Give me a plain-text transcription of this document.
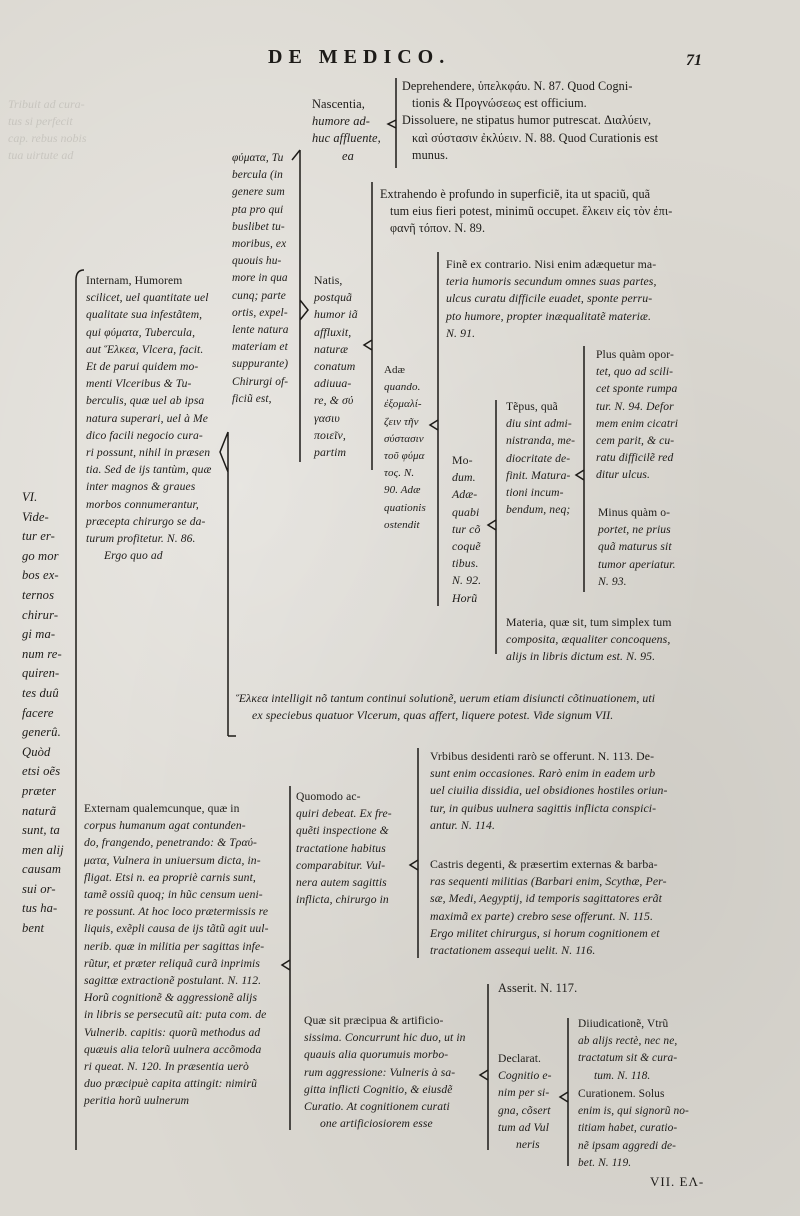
Tribuit ad cura-
tus si perfecit
cap. rebus nobis
tua uirtute ad
DE MEDICO.	71

VI.

Vide-

tur er-

go mor

bos ex-

ternos

chirur-

gi ma-

num re-

quiren-

tes duû

facere

generû.

Quòd

etsi oẽs

præter

naturã

sunt, ta

men alij

causam

sui or-

tus ha-

bent

Internam, Humorem

scilicet, uel quantitate uel

qualitate sua infestãtem,

qui φύματα, Tubercula,

aut Ἕλκεα, Vlcera, facit.

Et de parui quidem mo-

menti Vlceribus & Tu-

berculis, quæ uel ab ipsa

natura superari, uel à Me

dico facili negocio cura-

ri possunt, nihil in præsen

tia. Sed de ijs tantùm, quæ

inter magnos & graues

morbos connumerantur,

præcepta chirurgo se da-

turum profitetur. N. 86.

Ergo quo ad

φύματα, Tu

bercula (in

genere sum

pta pro qui

buslibet tu-

moribus, ex

quouis hu-

more in qua

cunq; parte

ortis, expel-

lente natura

materiam et

suppurante)

Chirurgi of-

ficiũ est,

Nascentia,

humore ad-

huc affluente,

ea

Deprehendere, ὑπελκφάυ. N. 87. Quod Cogni-

tionis & Προγνώσεως est officium.

Dissoluere, ne stipatus humor putrescat. Διαλύειν,

καὶ σύστασιν ἐκλύειν. N. 88. Quod Curationis est

munus.

Extrahendo è profundo in superficiẽ, ita ut spaciũ, quã

tum eius fieri potest, minimũ occupet. ἕλκειν εἰς τὸν ἐπι-

φανῆ τόπον. N. 89.

Natis,

postquã

humor iã

affluxit,

naturæ

conatum

adiuua-

re, & σύ

γασιυ

ποιεῖν,

partim

Adæ

quando.

ἐξομαλί-

ζειν τῆν

σύστασιν

τοῦ φύμα

τος. N.

90. Adæ

quationis

ostendit

Finẽ ex contrario. Nisi enim adæquetur ma-

teria humoris secundum omnes suas partes,

ulcus curatu difficile euadet, sponte perru-

pto humore, propter inæqualitatẽ materiæ.

N. 91.

Mo-

dum.

Adæ-

quabi

tur cõ

coquẽ

tibus.

N. 92.

Horũ

Tẽpus, quã

diu sint admi-

nistranda, me-

diocritate de-

finit. Matura-

tioni incum-

bendum, neq;

Plus quàm opor-

tet, quo ad scili-

cet sponte rumpa

tur. N. 94. Defor

mem enim cicatri

cem parit, & cu-

ratu difficilẽ red

ditur ulcus.

Minus quàm o-

portet, ne prius

quã maturus sit

tumor aperiatur.

N. 93.

Materia, quæ sit, tum simplex tum

composita, æqualiter concoquens,

alijs in libris dictum est. N. 95.

Ἕλκεα intelligit nõ tantum continui solutionẽ, uerum etiam disiuncti cõtinuationem, uti

ex speciebus quatuor Vlcerum, quas affert, liquere potest. Vide signum VII.

Externam qualemcunque, quæ in

corpus humanum agat contunden-

do, frangendo, penetrando: & Τραύ-

ματα, Vulnera in uniuersum dicta, in-

fligat. Etsi n. ea propriè carnis sunt,

tamẽ ossiũ quoq; in hũc censum ueni-

re possunt. At hoc loco prætermissis re

liquis, exẽpli causa de ijs tãtũ agit uul-

nerib. quæ in militia per sagittas infe-

rũtur, et præter reliquã curã inprimis

sagittæ extractionẽ postulant. N. 112.

Horũ cognitionẽ & aggressionẽ alijs

in libris se persecutũ ait: puta com. de

Vulnerib. capitis: quorũ methodus ad

quæuis alia telorũ uulnera accõmoda

ri queat. N. 120. In præsentia uerò

duo præcipuè capita attingit: nimirũ

peritia horũ uulnerum

Quomodo ac-

quiri debeat. Ex fre-

quẽti inspectione &

tractatione habitus

comparabitur. Vul-

nera autem sagittis

inflicta, chirurgo in

Vrbibus desidenti rarò se offerunt. N. 113. De-

sunt enim occasiones. Rarò enim in eadem urb

uel ciuilia dissidia, uel obsidiones hostiles oriun-

tur, in quibus uulnera sagittis inflicta conspici-

antur. N. 114.

Castris degenti, & præsertim externas & barba-

ras sequenti militias (Barbari enim, Scythæ, Per-

sæ, Medi, Aegyptij, id temporis sagittatores erãt

maximã ex parte) crebro sese offerunt. N. 115.

Ergo militet chirurgus, si horum cognitionem et

tractationem assequi uelit. N. 116.

Quæ sit præcipua & artificio-

sissima. Concurrunt hic duo, ut in

quauis alia quorumuis morbo-

rum aggressione: Vulneris à sa-

gitta inflicti Cognitio, & eiusdẽ

Curatio. At cognitionem curati

one artificiosiorem esse

Asserit. N. 117.

Declarat.

Cognitio e-

nim per si-

gna, cõsert

tum ad Vul

neris

Diiudicationẽ, Vtrũ

ab alijs rectè, nec ne,

tractatum sit & cura-

tum. N. 118.

Curationem. Solus

enim is, qui signorũ no-

titiam habet, curatio-

nẽ ipsam aggredi de-

bet. N. 119.

VII. ΕΛ-
